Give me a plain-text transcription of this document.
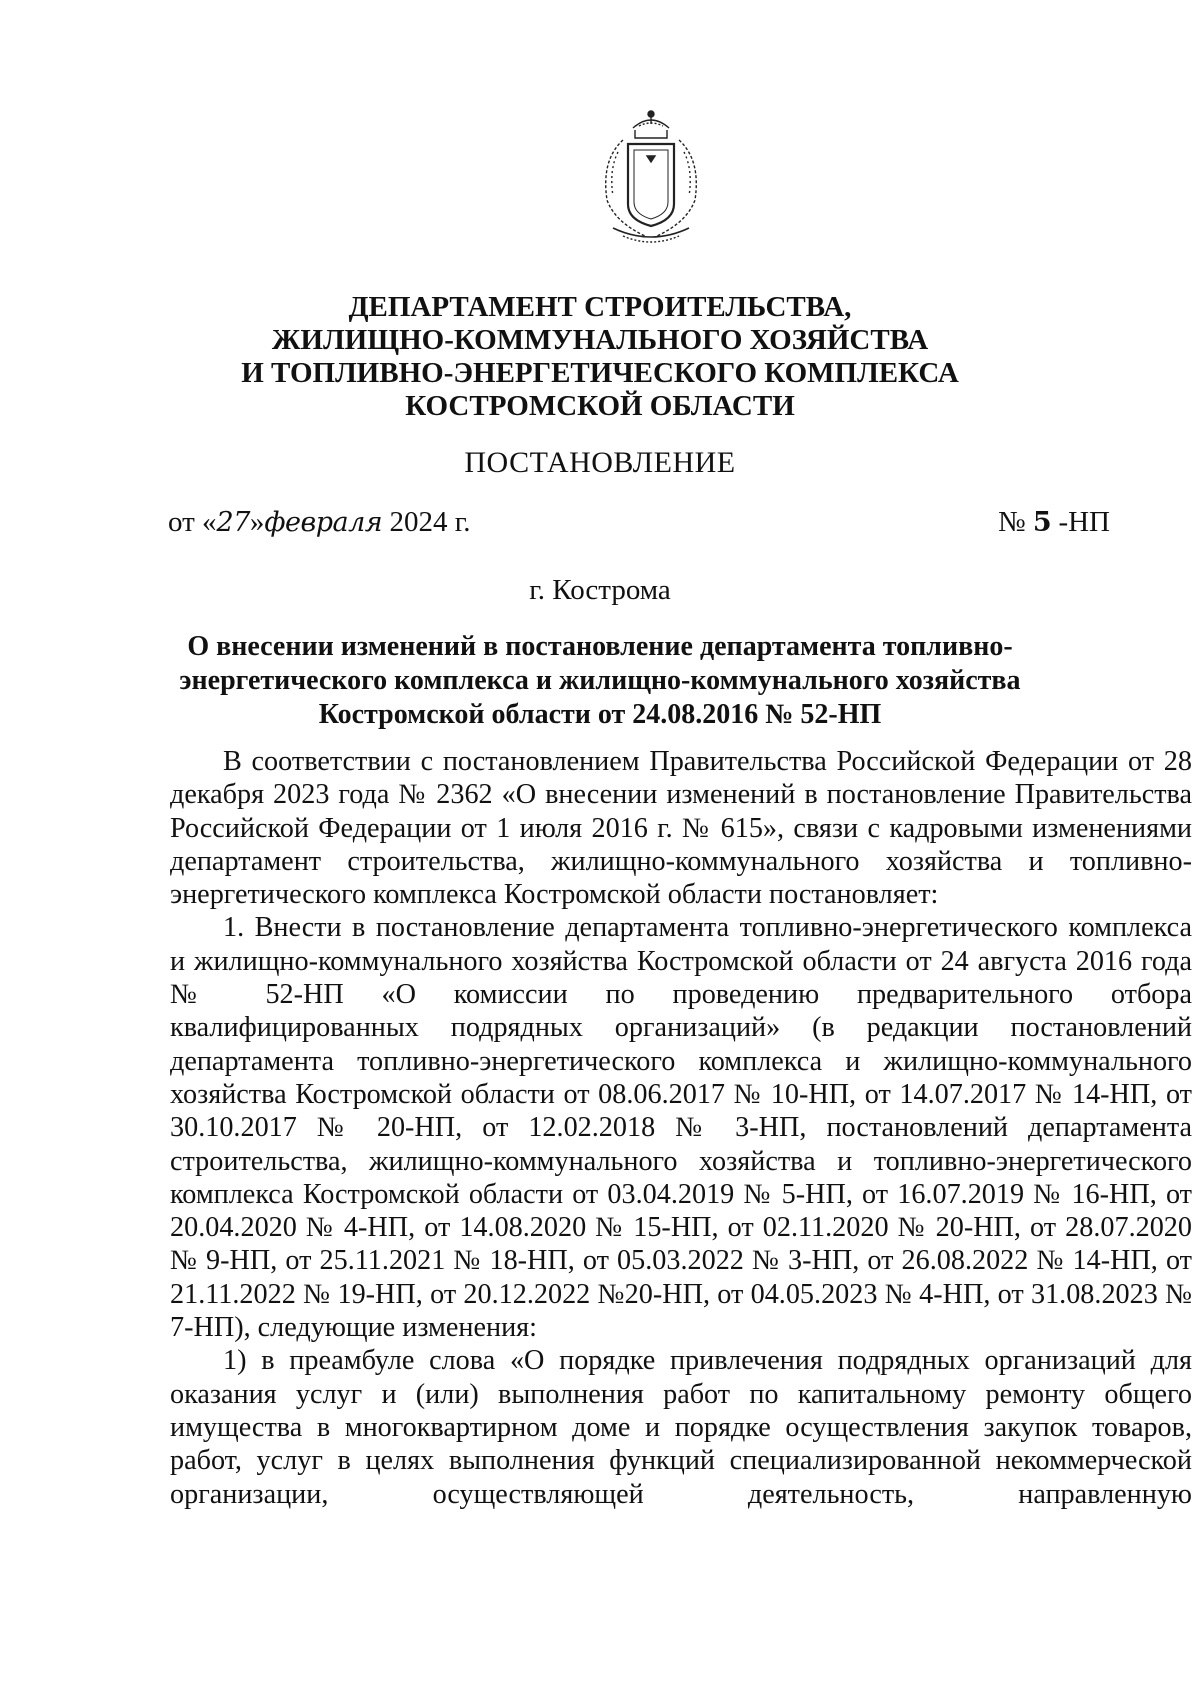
ДЕПАРТАМЕНТ СТРОИТЕЛЬСТВА,
ЖИЛИЩНО-КОММУНАЛЬНОГО ХОЗЯЙСТВА
И ТОПЛИВНО-ЭНЕРГЕТИЧЕСКОГО КОМПЛЕКСА
КОСТРОМСКОЙ ОБЛАСТИ
ПОСТАНОВЛЕНИЕ
от «27»февраля 2024 г.	№ 5 -НП
г. Кострома
О внесении изменений в постановление департамента топливно-
энергетического комплекса и жилищно-коммунального хозяйства
Костромской области от 24.08.2016 № 52-НП

В соответствии с постановлением Правительства Российской Федерации от 28 декабря 2023 года № 2362 «О внесении изменений в постановление Правительства Российской Федерации от 1 июля 2016 г. № 615», связи с кадровыми изменениями департамент строительства, жилищно-коммунального хозяйства и топливно-энергетического комплекса Костромской области постановляет:

1. Внести в постановление департамента топливно-энергетического комплекса и жилищно-коммунального хозяйства Костромской области от 24 августа 2016 года № 52-НП «О комиссии по проведению предварительного отбора квалифицированных подрядных организаций» (в редакции постановлений департамента топливно-энергетического комплекса и жилищно-коммунального хозяйства Костромской области от 08.06.2017 № 10-НП, от 14.07.2017 № 14-НП, от 30.10.2017 № 20-НП, от 12.02.2018 № 3-НП, постановлений департамента строительства, жилищно-коммунального хозяйства и топливно-энергетического комплекса Костромской области от 03.04.2019 № 5-НП, от 16.07.2019 № 16-НП, от 20.04.2020 № 4-НП, от 14.08.2020 № 15-НП, от 02.11.2020 № 20-НП, от 28.07.2020 № 9-НП, от 25.11.2021 № 18-НП, от 05.03.2022 № 3-НП, от 26.08.2022 № 14-НП, от 21.11.2022 № 19-НП, от 20.12.2022 №20-НП, от 04.05.2023 № 4-НП, от 31.08.2023 № 7-НП), следующие изменения:

1) в преамбуле слова «О порядке привлечения подрядных организаций для оказания услуг и (или) выполнения работ по капитальному ремонту общего имущества в многоквартирном доме и порядке осуществления закупок товаров, работ, услуг в целях выполнения функций специализированной некоммерческой организации, осуществляющей деятельность, направленную
